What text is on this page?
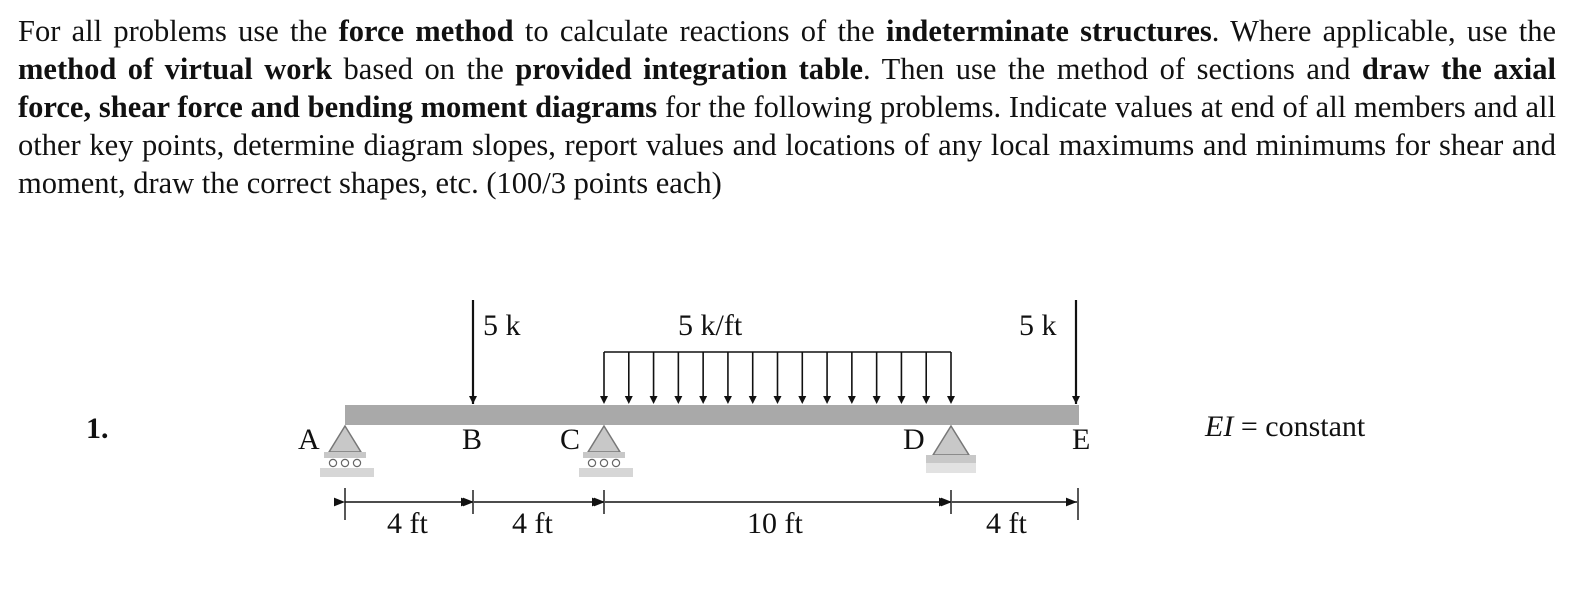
For all problems use the force method to calculate reactions of the indeterminate structures. Where applicable, use the method of virtual work based on the provided integration table. Then use the method of sections and draw the axial force, shear force and bending moment diagrams for the following problems. Indicate values at end of all members and all other key points, determine diagram slopes, report values and locations of any local maximums and minimums for shear and moment, draw the correct shapes, etc. (100/3 points each)

1.	EI = constant
5 k	5 k
5 k/ft
A	B	C	D	E
4 ft	4 ft	10 ft	4 ft
